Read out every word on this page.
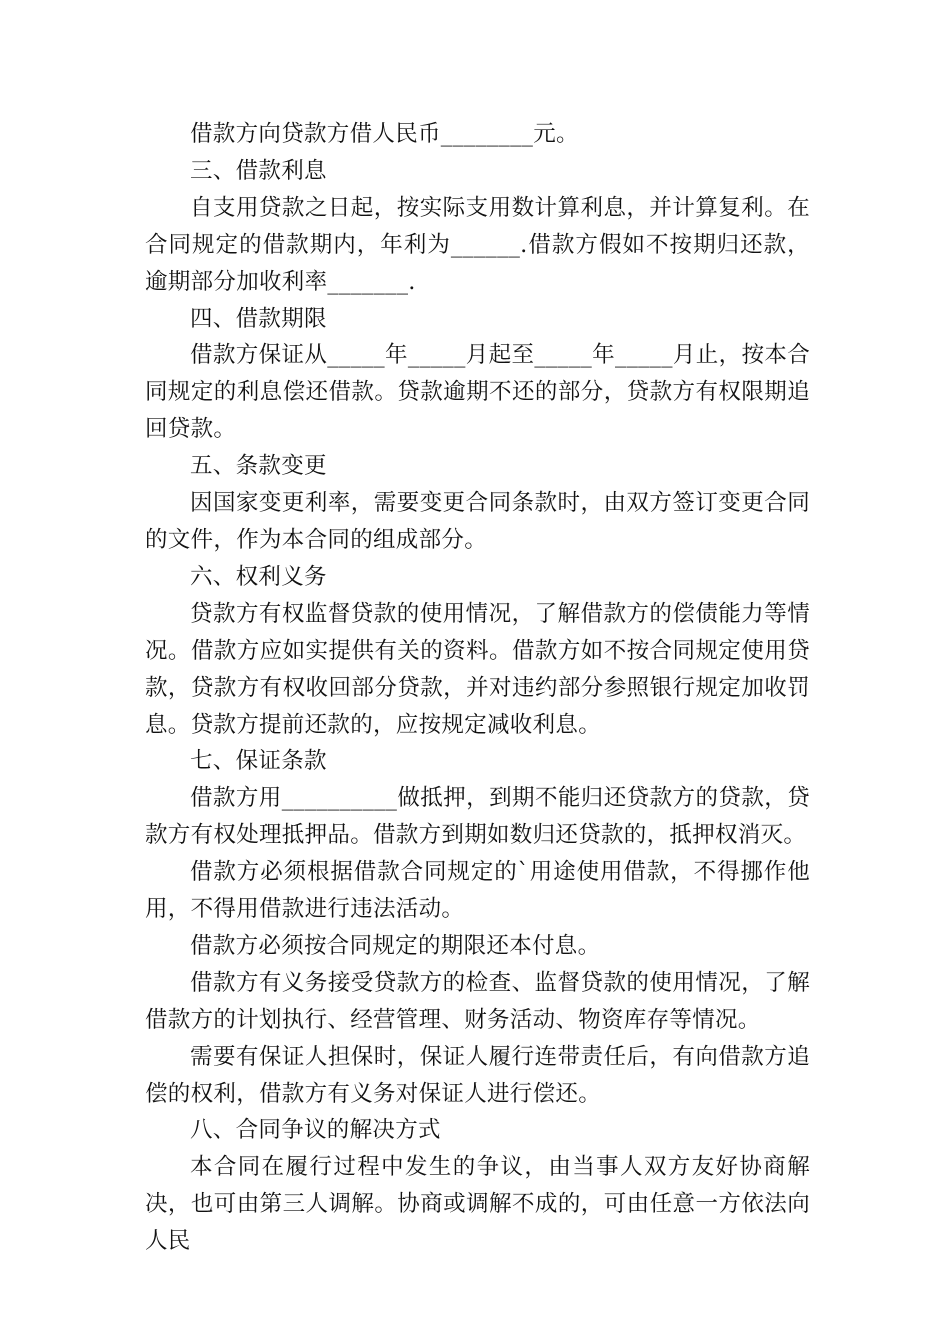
借款方向贷款方借人民币________元。

三、借款利息

自支用贷款之日起，按实际支用数计算利息，并计算复利。在合同规定的借款期内，年利为______.借款方假如不按期归还款，逾期部分加收利率_______.

四、借款期限

借款方保证从_____年_____月起至_____年_____月止，按本合同规定的利息偿还借款。贷款逾期不还的部分，贷款方有权限期追回贷款。

五、条款变更

因国家变更利率，需要变更合同条款时，由双方签订变更合同的文件，作为本合同的组成部分。

六、权利义务

贷款方有权监督贷款的使用情况，了解借款方的偿债能力等情况。借款方应如实提供有关的资料。借款方如不按合同规定使用贷款，贷款方有权收回部分贷款，并对违约部分参照银行规定加收罚息。贷款方提前还款的，应按规定减收利息。

七、保证条款

借款方用__________做抵押，到期不能归还贷款方的贷款，贷款方有权处理抵押品。借款方到期如数归还贷款的，抵押权消灭。

借款方必须根据借款合同规定的`用途使用借款，不得挪作他用，不得用借款进行违法活动。

借款方必须按合同规定的期限还本付息。

借款方有义务接受贷款方的检查、监督贷款的使用情况，了解借款方的计划执行、经营管理、财务活动、物资库存等情况。

需要有保证人担保时，保证人履行连带责任后，有向借款方追偿的权利，借款方有义务对保证人进行偿还。

八、合同争议的解决方式

本合同在履行过程中发生的争议，由当事人双方友好协商解决，也可由第三人调解。协商或调解不成的，可由任意一方依法向人民
